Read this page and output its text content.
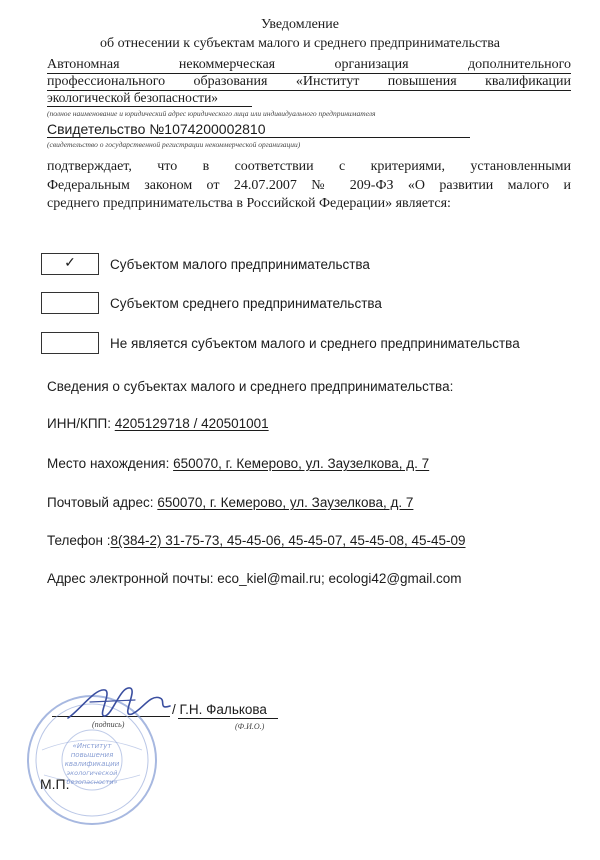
Уведомление
об отнесении к субъектам малого и среднего предпринимательства
Автономная некоммерческая организация дополнительного
профессионального образования «Институт повышения квалификации
экологической безопасности»
(полное наименование и юридический адрес юридического лица или индивидуального предпринимателя
Свидетельство №1074200002810
(свидетельство о государственной регистрации некоммерческой организации)
подтверждает, что в соответствии с критериями, установленными
Федеральным законом от 24.07.2007 № 209-ФЗ «О развитии малого и
среднего предпринимательства в Российской Федерации» является:
✓	Субъектом малого предпринимательства
Субъектом среднего предпринимательства
Не является субъектом малого и среднего предпринимательства
Сведения о субъектах малого и среднего предпринимательства:
ИНН/КПП: 4205129718 / 420501001
Место нахождения: 650070, г. Кемерово, ул. Заузелкова, д. 7
Почтовый адрес: 650070, г. Кемерово, ул. Заузелкова, д. 7
Телефон :8(384-2) 31-75-73, 45-45-06, 45-45-07, 45-45-08, 45-45-09
Адрес электронной почты: eco_kiel@mail.ru; ecologi42@gmail.com
/ Г.Н. Фалькова
(Ф.И.О.)
(подпись)
«Институт
повышения
квалификации
экологической
безопасности»
М.П.
